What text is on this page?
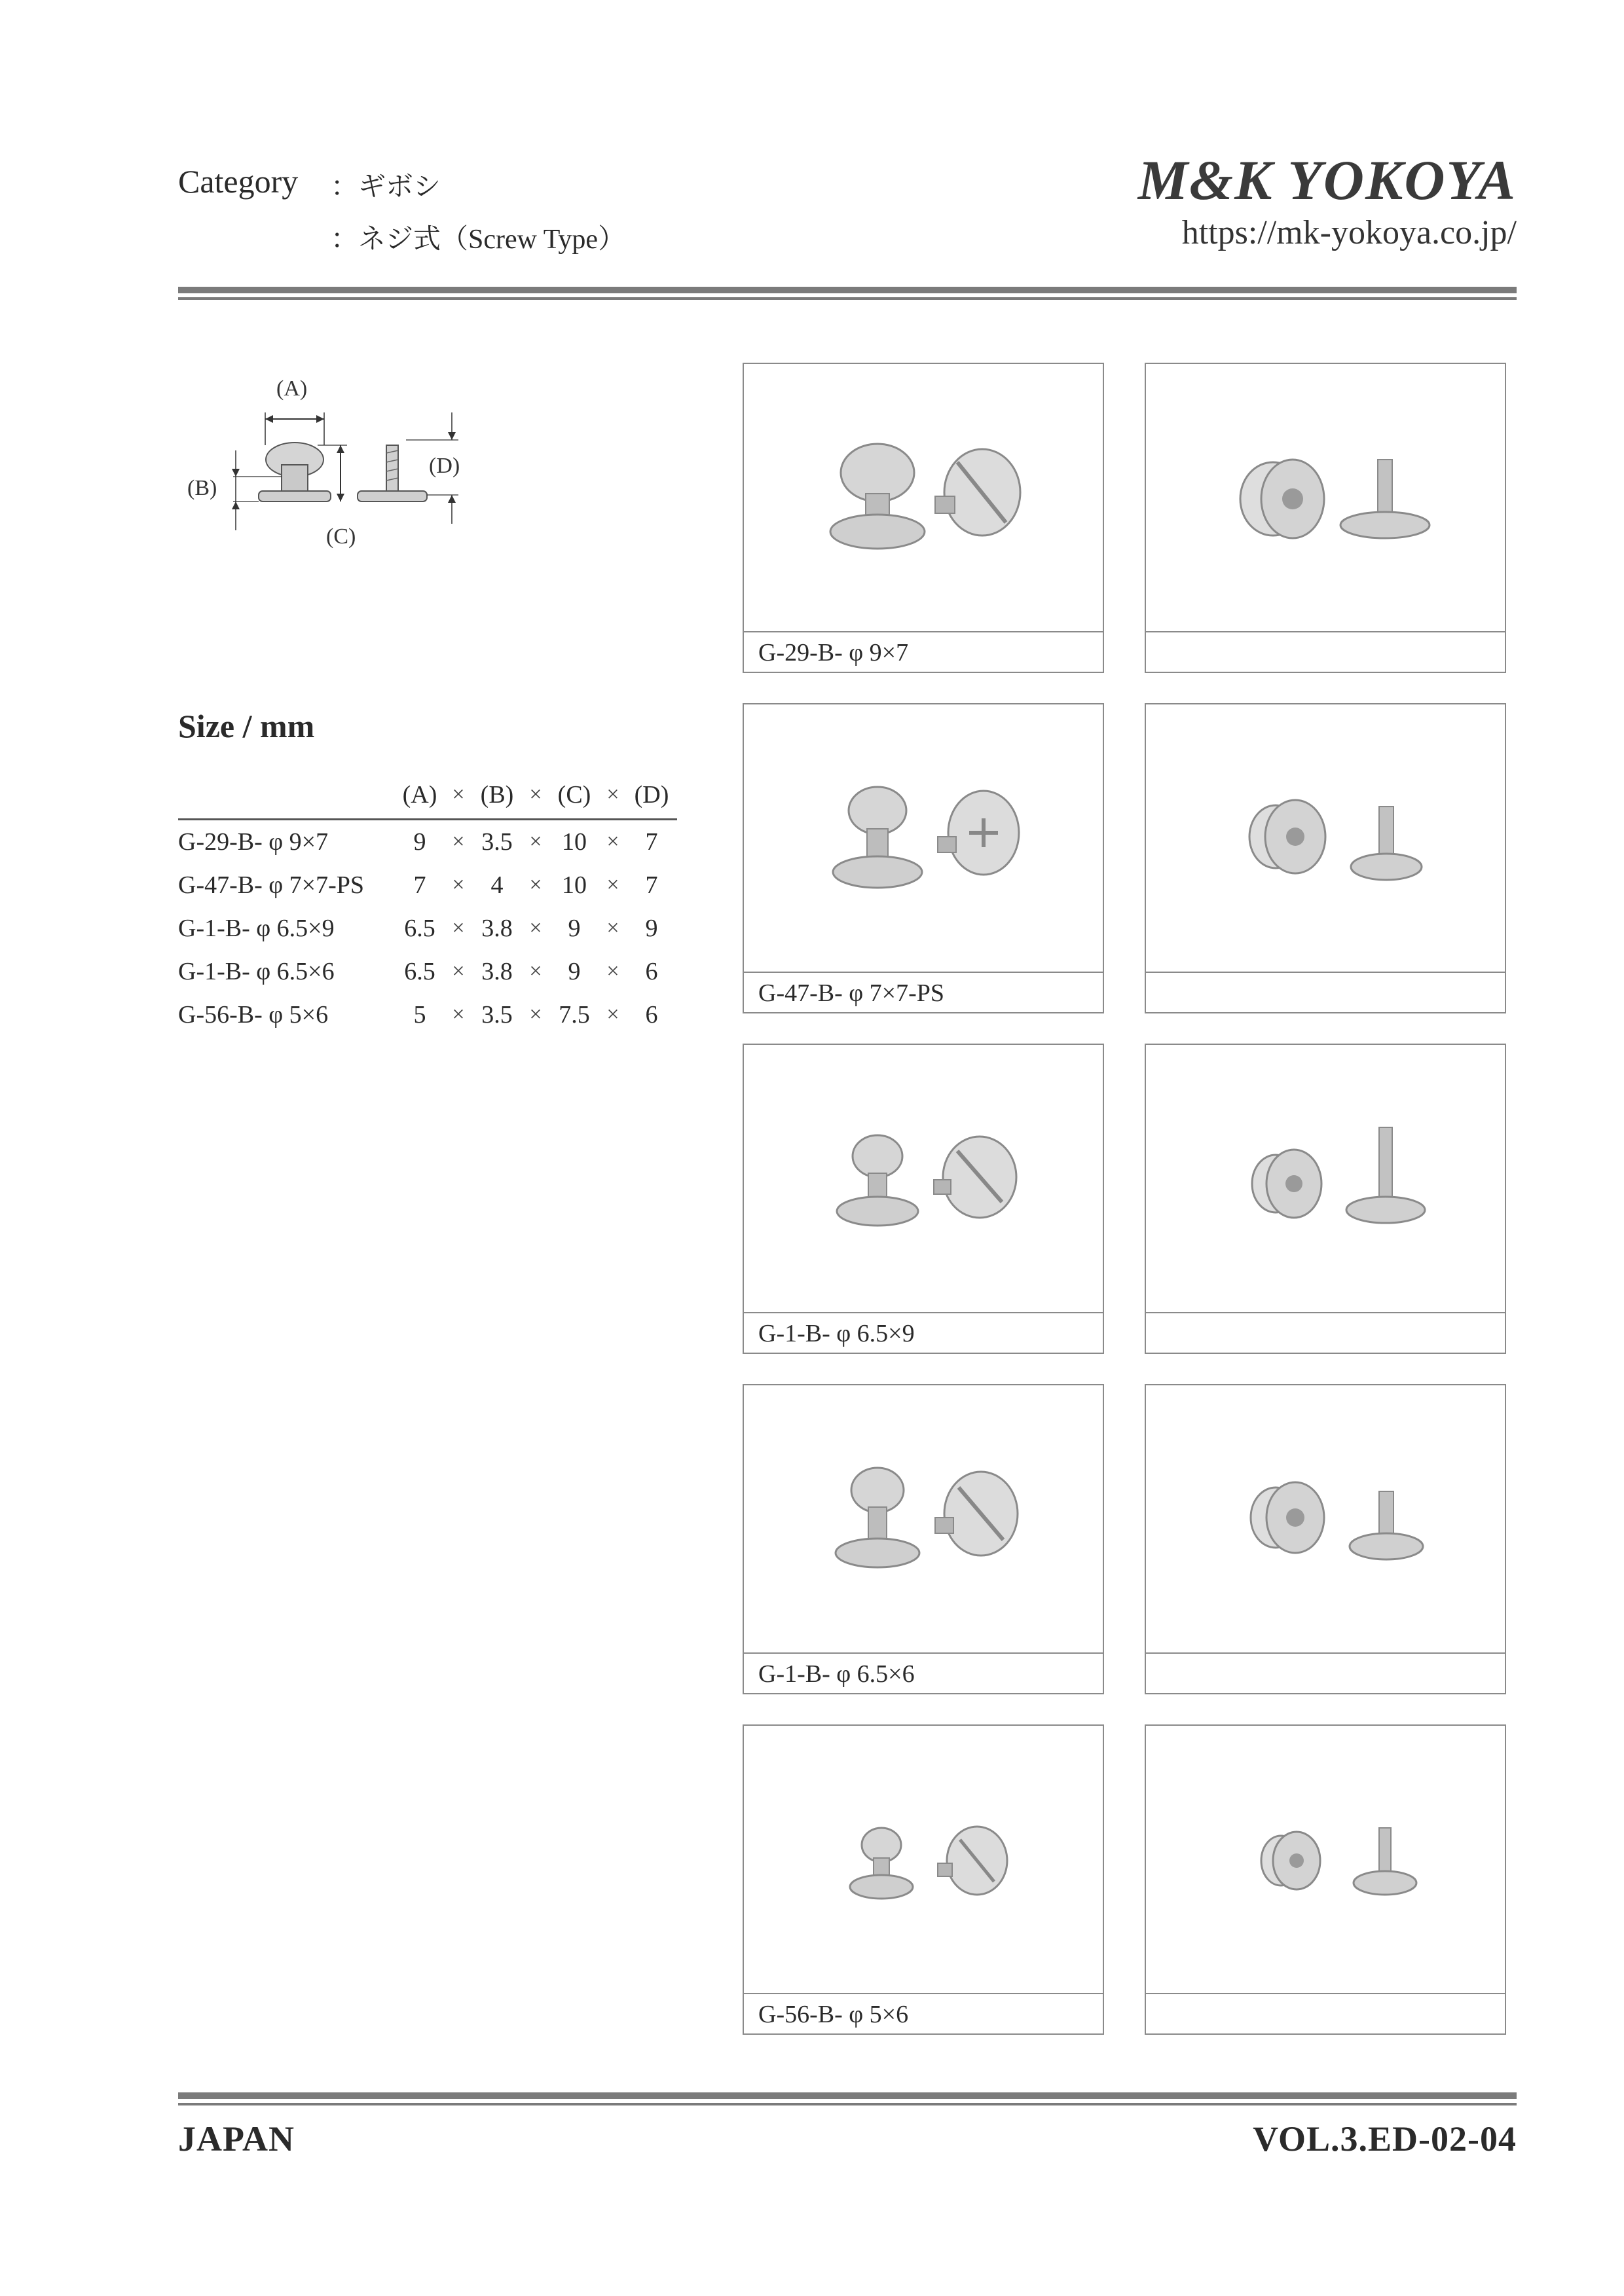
Category ：ギボシ
：ネジ式（Screw Type）
M&K YOKOYA
https://mk-yokoya.co.jp/
(A)
(B)
(C)
(D)
Size / mm
	(A)	×	(B)	×	(C)	×	(D)
G-29-B- φ 9×7	9	×	3.5	×	10	×	7
G-47-B- φ 7×7-PS	7	×	4	×	10	×	7
G-1-B- φ 6.5×9	6.5	×	3.8	×	9	×	9
G-1-B- φ 6.5×6	6.5	×	3.8	×	9	×	6
G-56-B- φ 5×6	5	×	3.5	×	7.5	×	6
G-29-B- φ 9×7
G-47-B- φ 7×7-PS
G-1-B- φ 6.5×9
G-1-B- φ 6.5×6
G-56-B- φ 5×6
JAPAN	VOL.3.ED-02-04
